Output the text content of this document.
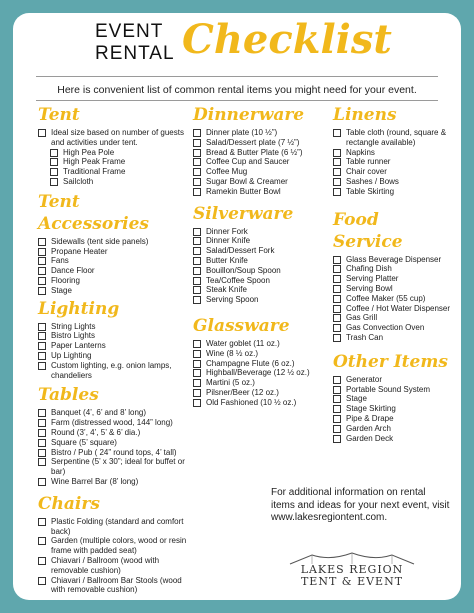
EVENT
RENTAL Checklist
Here is convenient list of common rental items you might need for your event.
Tent
Ideal size based on number of guests and activities under tent.
High Pea Pole
High Peak Frame
Traditional Frame
Sailcloth
Tent Accessories
Sidewalls (tent side panels)
Propane Heater
Fans
Dance Floor
Flooring
Stage
Lighting
String Lights
Bistro Lights
Paper Lanterns
Up Lighting
Custom lighting, e.g. onion lamps, chandeliers
Tables
Banquet (4’, 6’ and 8’ long)
Farm (distressed wood, 144” long)
Round (3’, 4’, 5’ & 6’ dia.)
Square (5’ square)
Bistro / Pub ( 24” round tops, 4’ tall)
Serpentine (5’ x 30”; ideal for buffet or bar)
Wine Barrel Bar (8’ long)
Chairs
Plastic Folding (standard and comfort back)
Garden (multiple colors, wood or resin frame with padded seat)
Chiavari / Ballroom (wood with removable cushion)
Chiavari / Ballroom Bar Stools (wood with removable cushion)
Dinnerware
Dinner plate (10 ½”)
Salad/Dessert plate (7 ½”)
Bread & Butter Plate (6 ½”)
Coffee Cup and Saucer
Coffee Mug
Sugar Bowl & Creamer
Ramekin Butter Bowl
Silverware
Dinner Fork
Dinner Knife
Salad/Dessert Fork
Butter Knife
Bouillon/Soup Spoon
Tea/Coffee Spoon
Steak Knife
Serving Spoon
Glassware
Water goblet (11 oz.)
Wine (8 ½ oz.)
Champagne Flute (6 oz.)
Highball/Beverage (12 ½ oz.)
Martini (5 oz.)
Pilsner/Beer (12 oz.)
Old Fashioned (10 ½ oz.)
Linens
Table cloth (round, square & rectangle available)
Napkins
Table runner
Chair cover
Sashes / Bows
Table Skirting
Food Service
Glass Beverage Dispenser
Chafing Dish
Serving Platter
Serving Bowl
Coffee Maker (55 cup)
Coffee / Hot Water Dispenser
Gas Grill
Gas Convection Oven
Trash Can
Other Items
Generator
Portable Sound System
Stage
Stage Skirting
Pipe & Drape
Garden Arch
Garden Deck
For additional information on rental items and ideas for your next event, visit www.lakesregiontent.com.
LAKES REGION
TENT & EVENT
